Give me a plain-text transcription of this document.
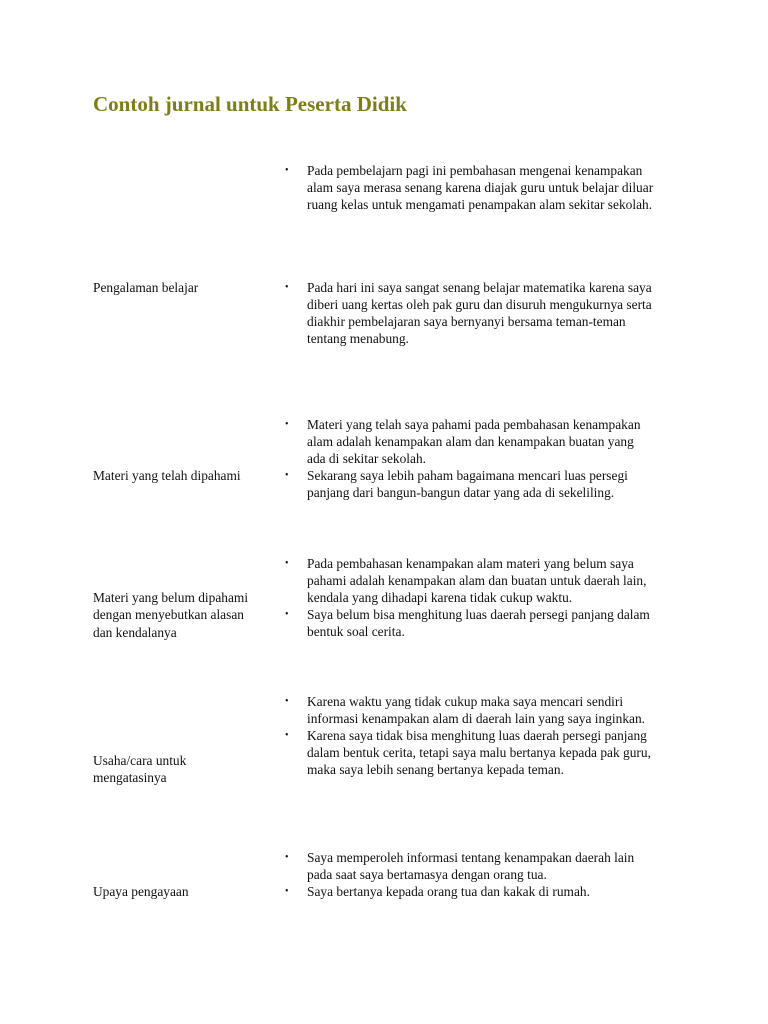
Contoh jurnal untuk Peserta Didik
• Pada pembelajarn pagi ini pembahasan mengenai kenampakan alam saya merasa senang karena diajak guru untuk belajar diluar ruang kelas untuk mengamati penampakan alam sekitar sekolah.
Pengalaman belajar	• Pada hari ini saya sangat senang belajar matematika karena saya diberi uang kertas oleh pak guru dan disuruh mengukurnya serta diakhir pembelajaran saya bernyanyi bersama teman-teman tentang menabung.
Materi yang telah dipahami
• Materi yang telah saya pahami pada pembahasan kenampakan alam adalah kenampakan alam dan kenampakan buatan yang ada di sekitar sekolah.
• Sekarang saya lebih paham bagaimana mencari luas persegi panjang dari bangun-bangun datar yang ada di sekeliling.
Materi yang belum dipahami dengan menyebutkan alasan dan kendalanya
• Pada pembahasan kenampakan alam materi yang belum saya pahami adalah kenampakan alam dan buatan untuk daerah lain, kendala yang dihadapi karena tidak cukup waktu.
• Saya belum bisa menghitung luas daerah persegi panjang dalam bentuk soal cerita.
Usaha/cara untuk mengatasinya
• Karena waktu yang tidak cukup maka saya mencari sendiri informasi kenampakan alam di daerah lain yang saya inginkan.
• Karena saya tidak bisa menghitung luas daerah persegi panjang dalam bentuk cerita, tetapi saya malu bertanya kepada pak guru, maka saya lebih senang bertanya kepada teman.
Upaya pengayaan
• Saya memperoleh informasi tentang kenampakan daerah lain pada saat saya bertamasya dengan orang tua.
• Saya bertanya kepada orang tua dan kakak di rumah.
